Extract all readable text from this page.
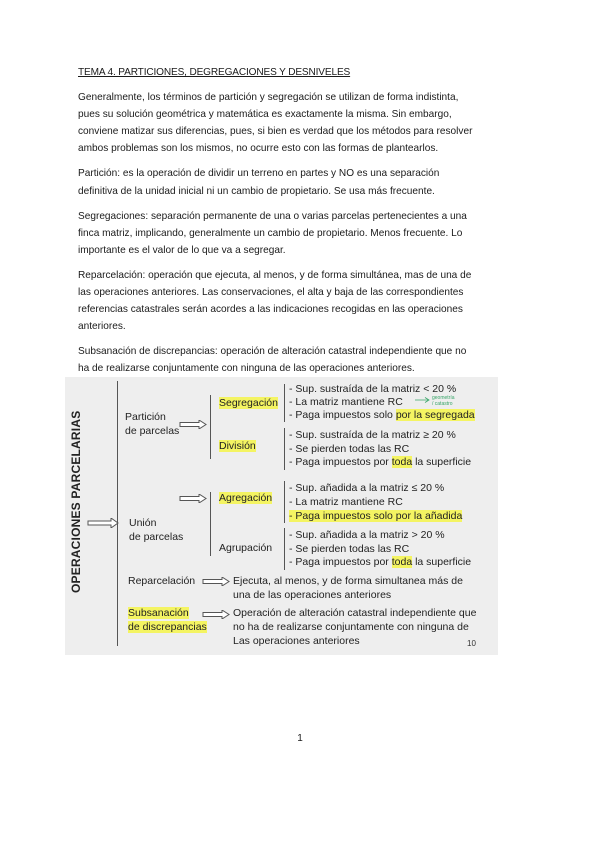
TEMA 4. PARTICIONES, DEGREGACIONES Y DESNIVELES

Generalmente, los términos de partición y segregación se utilizan de forma indistinta, pues su solución geométrica y matemática es exactamente la misma. Sin embargo, conviene matizar sus diferencias, pues, si bien es verdad que los métodos para resolver ambos problemas son los mismos, no ocurre esto con las formas de plantearlos.

Partición: es la operación de dividir un terreno en partes y NO es una separación definitiva de la unidad inicial ni un cambio de propietario. Se usa más frecuente.

Segregaciones: separación permanente de una o varias parcelas pertenecientes a una finca matriz, implicando, generalmente un cambio de propietario. Menos frecuente. Lo importante es el valor de lo que va a segregar.

Reparcelación: operación que ejecuta, al menos, y de forma simultánea, mas de una de las operaciones anteriores. Las conservaciones, el alta y baja de las correspondientes referencias catastrales serán acordes a las indicaciones recogidas en las operaciones anteriores.

Subsanación de discrepancias: operación de alteración catastral independiente que no ha de realizarse conjuntamente con ninguna de las operaciones anteriores.

OPERACIONES PARCELARIAS	Partición
de parcelas
Segregación
- Sup. sustraída de la matriz < 20 %
- La matriz mantiene RC	geometría
/ catastro
- Paga impuestos solo por la segregada
División
- Sup. sustraída de la matriz ≥ 20 %
- Se pierden todas las RC
- Paga impuestos por toda la superficie
Unión
de parcelas
Agregación
- Sup. añadida a la matriz ≤ 20 %
- La matriz mantiene RC
- Paga impuestos solo por la añadida
Agrupación
- Sup. añadida a la matriz > 20 %
- Se pierden todas las RC
- Paga impuestos por toda la superficie
Reparcelación	Ejecuta, al menos, y de forma simultanea más de
una de las operaciones anteriores
Subsanación
de discrepancias
Operación de alteración catastral independiente que
no ha de realizarse conjuntamente con ninguna de
Las operaciones anteriores	10
1
